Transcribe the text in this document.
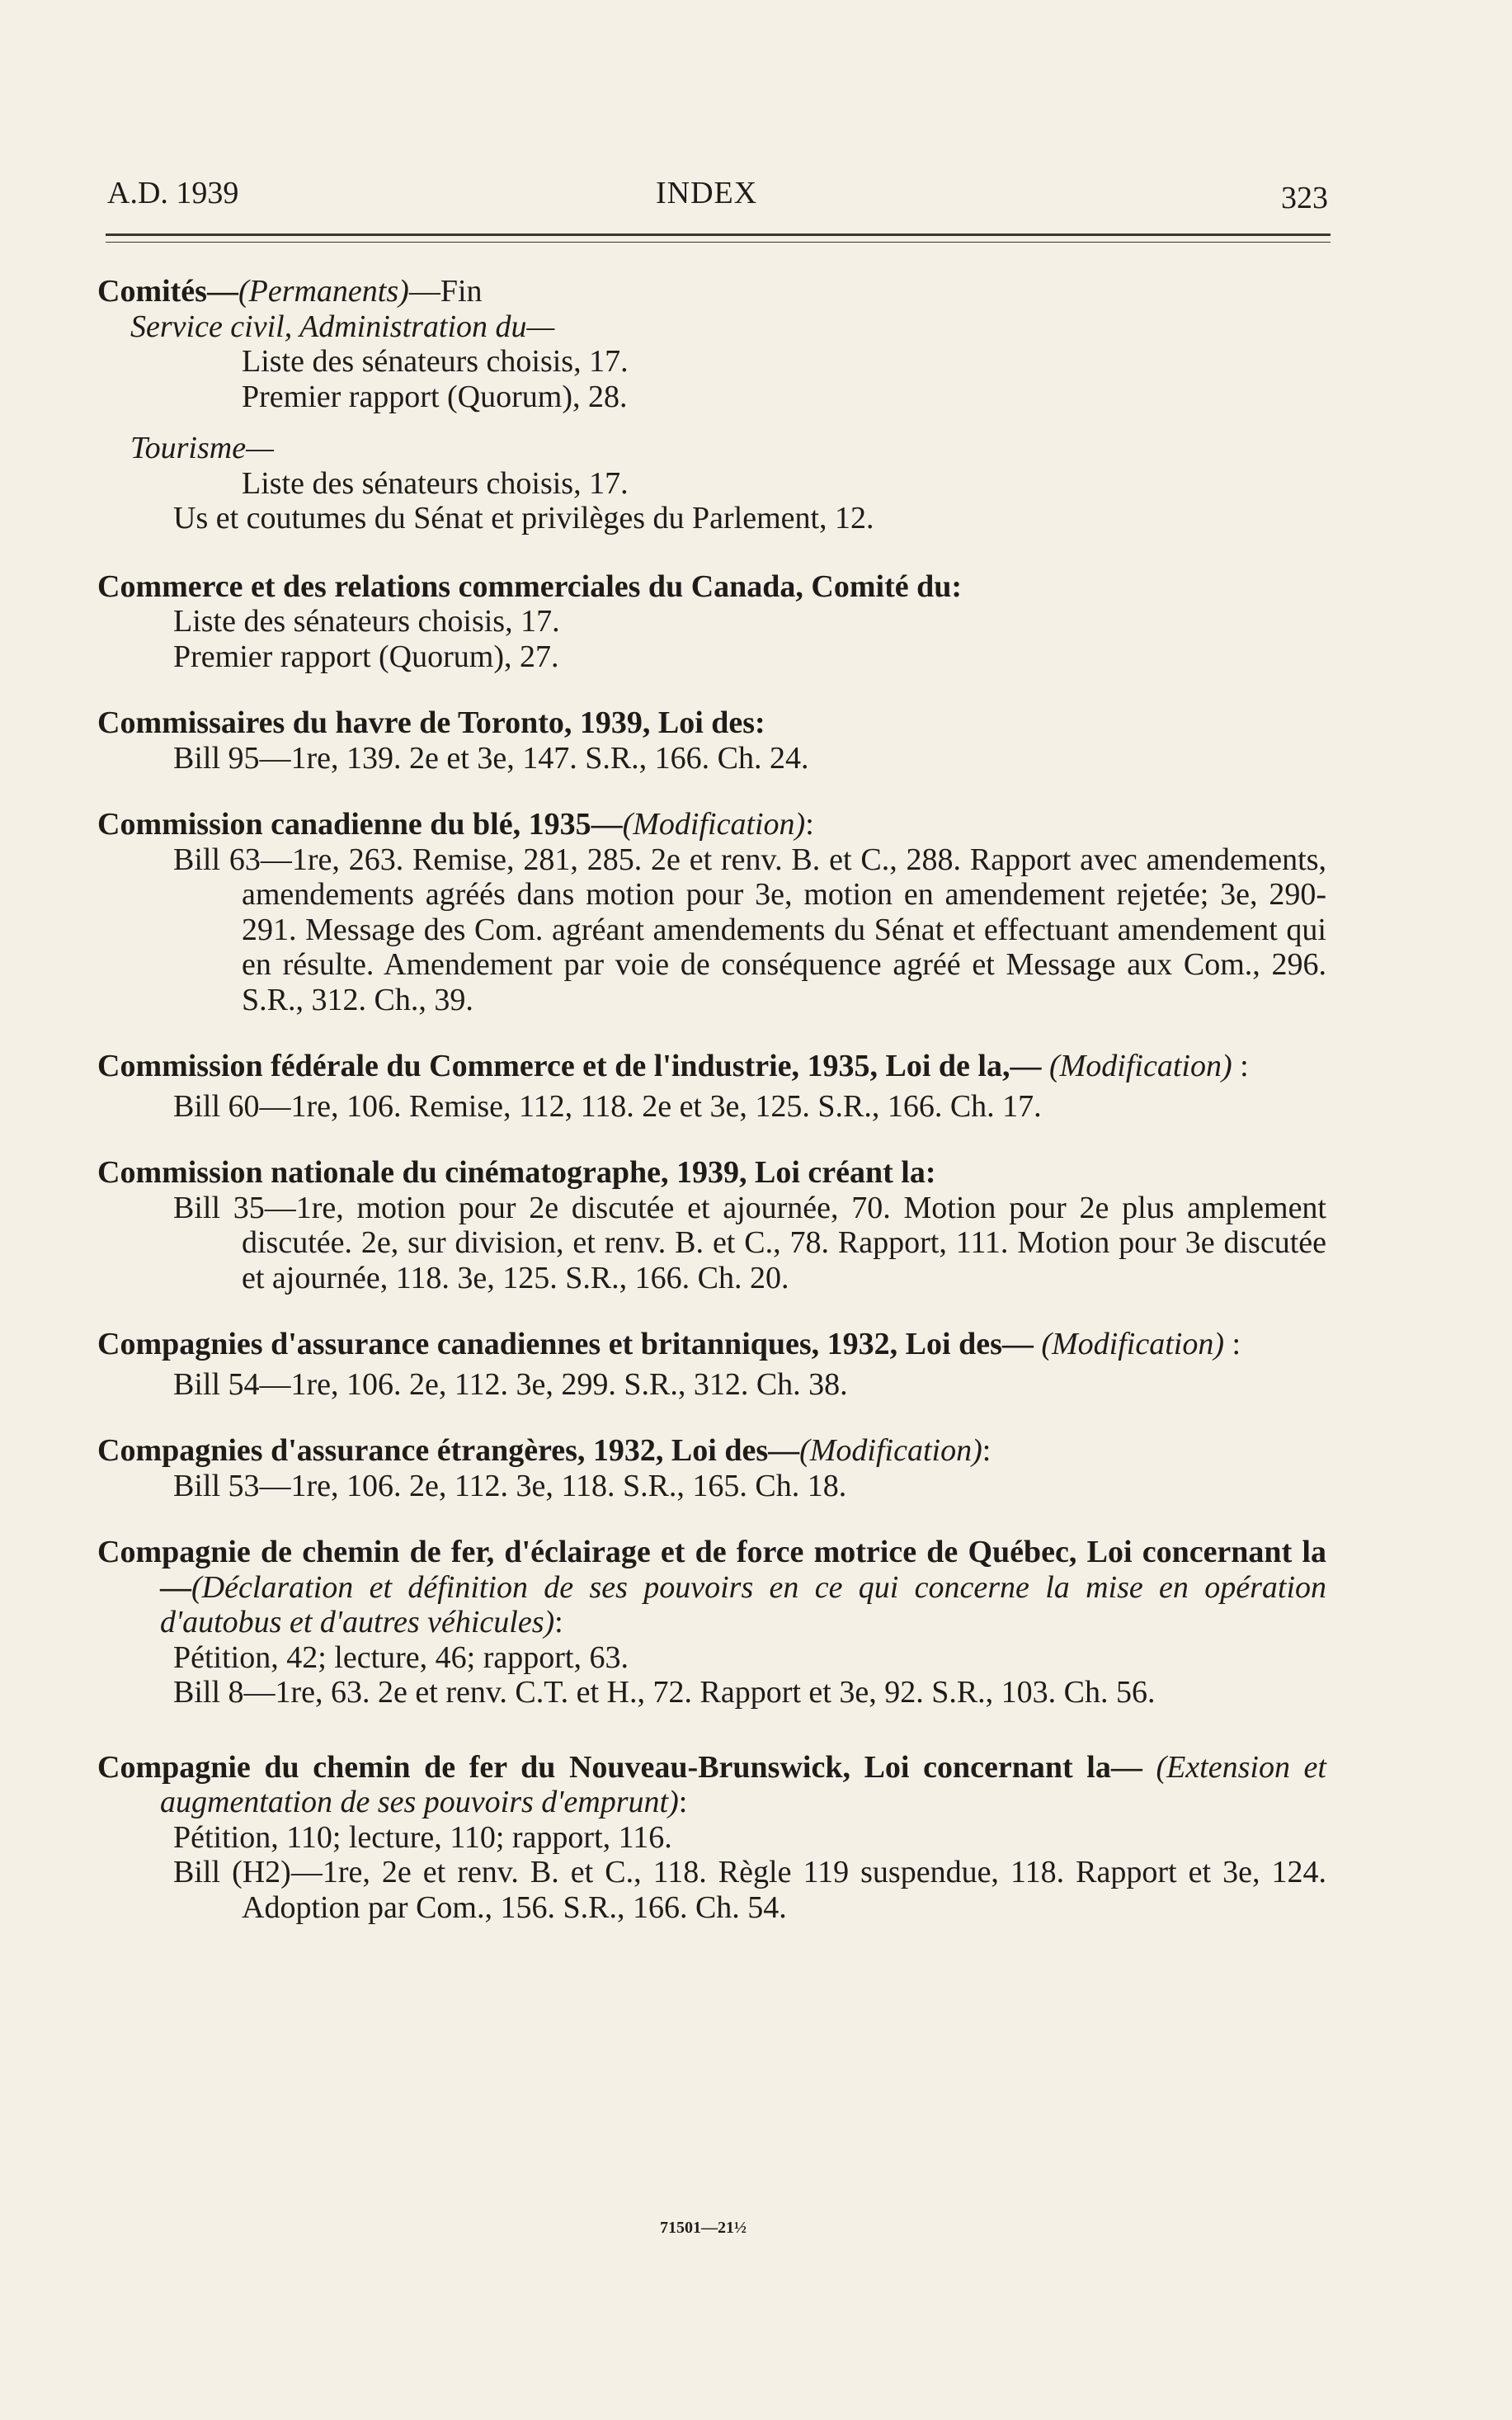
A.D. 1939	INDEX	323
Comités—(Permanents)—Fin
Service civil, Administration du—
Liste des sénateurs choisis, 17.
Premier rapport (Quorum), 28.
Tourisme—
Liste des sénateurs choisis, 17.
Us et coutumes du Sénat et privilèges du Parlement, 12.
Commerce et des relations commerciales du Canada, Comité du:
Liste des sénateurs choisis, 17.
Premier rapport (Quorum), 27.
Commissaires du havre de Toronto, 1939, Loi des:
Bill 95—1re, 139. 2e et 3e, 147. S.R., 166. Ch. 24.
Commission canadienne du blé, 1935—(Modification):
Bill 63—1re, 263. Remise, 281, 285. 2e et renv. B. et C., 288. Rapport avec amendements, amendements agréés dans motion pour 3e, motion en amendement rejetée; 3e, 290-291. Message des Com. agréant amendements du Sénat et effectuant amendement qui en résulte. Amendement par voie de conséquence agréé et Message aux Com., 296. S.R., 312. Ch., 39.
Commission fédérale du Commerce et de l'industrie, 1935, Loi de la,— (Modification) :
Bill 60—1re, 106. Remise, 112, 118. 2e et 3e, 125. S.R., 166. Ch. 17.
Commission nationale du cinématographe, 1939, Loi créant la:
Bill 35—1re, motion pour 2e discutée et ajournée, 70. Motion pour 2e plus amplement discutée. 2e, sur division, et renv. B. et C., 78. Rapport, 111. Motion pour 3e discutée et ajournée, 118. 3e, 125. S.R., 166. Ch. 20.
Compagnies d'assurance canadiennes et britanniques, 1932, Loi des— (Modification) :
Bill 54—1re, 106. 2e, 112. 3e, 299. S.R., 312. Ch. 38.
Compagnies d'assurance étrangères, 1932, Loi des—(Modification):
Bill 53—1re, 106. 2e, 112. 3e, 118. S.R., 165. Ch. 18.
Compagnie de chemin de fer, d'éclairage et de force motrice de Québec, Loi concernant la—(Déclaration et définition de ses pouvoirs en ce qui concerne la mise en opération d'autobus et d'autres véhicules):
Pétition, 42; lecture, 46; rapport, 63.
Bill 8—1re, 63. 2e et renv. C.T. et H., 72. Rapport et 3e, 92. S.R., 103. Ch. 56.
Compagnie du chemin de fer du Nouveau-Brunswick, Loi concernant la— (Extension et augmentation de ses pouvoirs d'emprunt):
Pétition, 110; lecture, 110; rapport, 116.
Bill (H2)—1re, 2e et renv. B. et C., 118. Règle 119 suspendue, 118. Rapport et 3e, 124. Adoption par Com., 156. S.R., 166. Ch. 54.
71501—21½
